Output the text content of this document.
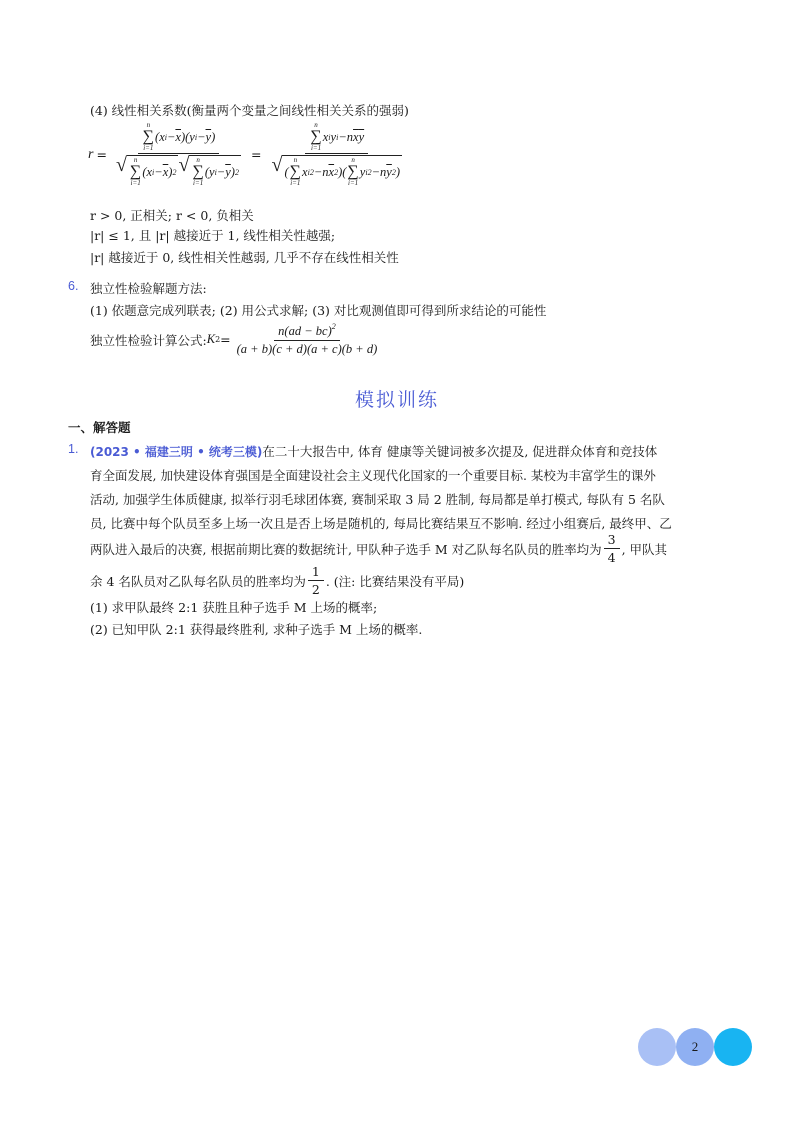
(4) 线性相关系数(衡量两个变量之间线性相关关系的强弱)
r = n
∑
i=1
(x $i - \overline{x}$ )(y $i - \overline{y}$ )
√ n
∑
i=1
(x $i - \overline{x}$ ) 2 √ n
∑
i=1
(y $i - \overline{y}$ ) 2 = n
∑
i=1
x i y i −n $\overline{x}$ $\overline{y}$
√ (
n
∑
i=1
x i 2 −n $\overline{x}$ 2 )(
n
∑
i=1
y i 2 −n $\overline{y}$ 2 )
r > 0, 正相关; r < 0, 负相关
|r| ≤ 1, 且 |r| 越接近于 1, 线性相关性越强;
|r| 越接近于 0, 线性相关性越弱, 几乎不存在线性相关性
6. 独立性检验解题方法:
(1) 依题意完成列联表; (2) 用公式求解; (3) 对比观测值即可得到所求结论的可能性
独立性检验计算公式: K $2 = \frac{n(ad - bc)^2}{(a + b)(c + d)(a + c)(b + d)}$
模拟训练
一、解答题
1. (2023 • 福建三明 • 统考三模)在二十大报告中, 体育 健康等关键词被多次提及, 促进群众体育和竞技体
育全面发展, 加快建设体育强国是全面建设社会主义现代化国家的一个重要目标. 某校为丰富学生的课外
活动, 加强学生体质健康, 拟举行羽毛球团体赛, 赛制采取 3 局 2 胜制, 每局都是单打模式, 每队有 5 名队
员, 比赛中每个队员至多上场一次且是否上场是随机的, 每局比赛结果互不影响. 经过小组赛后, 最终甲、乙
两队进入最后的决赛, 根据前期比赛的数据统计, 甲队种子选手 M 对乙队每名队员的胜率均为 $\frac{3}{4}$ , 甲队其
余 4 名队员对乙队每名队员的胜率均为 $\frac{1}{2}$ . (注: 比赛结果没有平局)
(1) 求甲队最终 2:1 获胜且种子选手 M 上场的概率;
(2) 已知甲队 2:1 获得最终胜利, 求种子选手 M 上场的概率.
2
